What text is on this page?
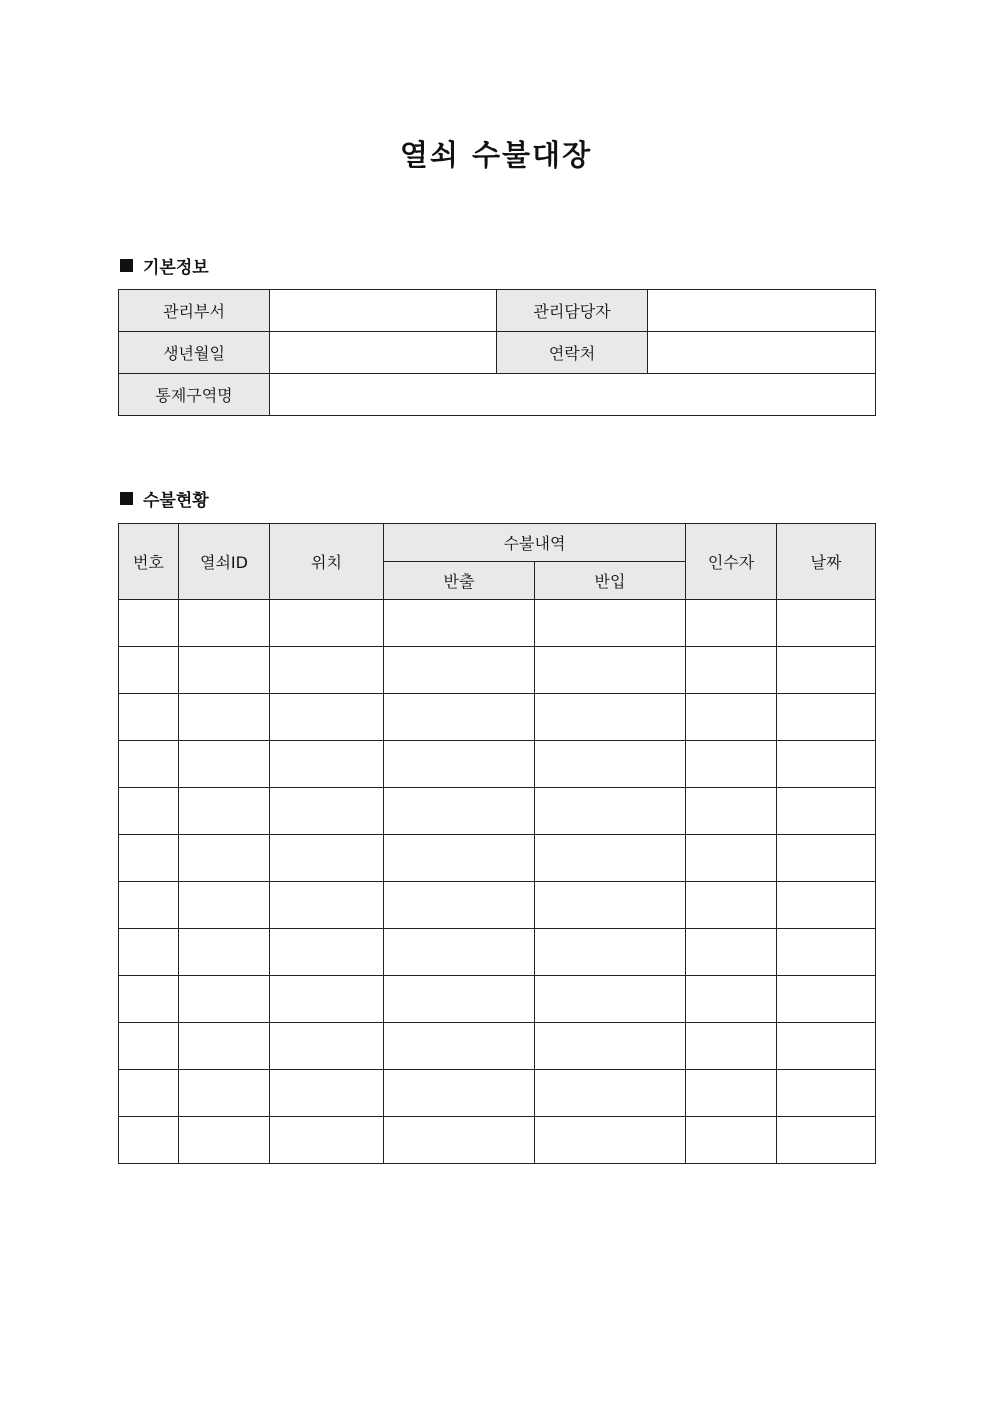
열쇠 수불대장
기본정보
관리부서		관리담당자	
생년월일		연락처	
통제구역명			
수불현황
번호	열쇠ID	위치	수불내역		인수자	날짜
			반출	반입		
